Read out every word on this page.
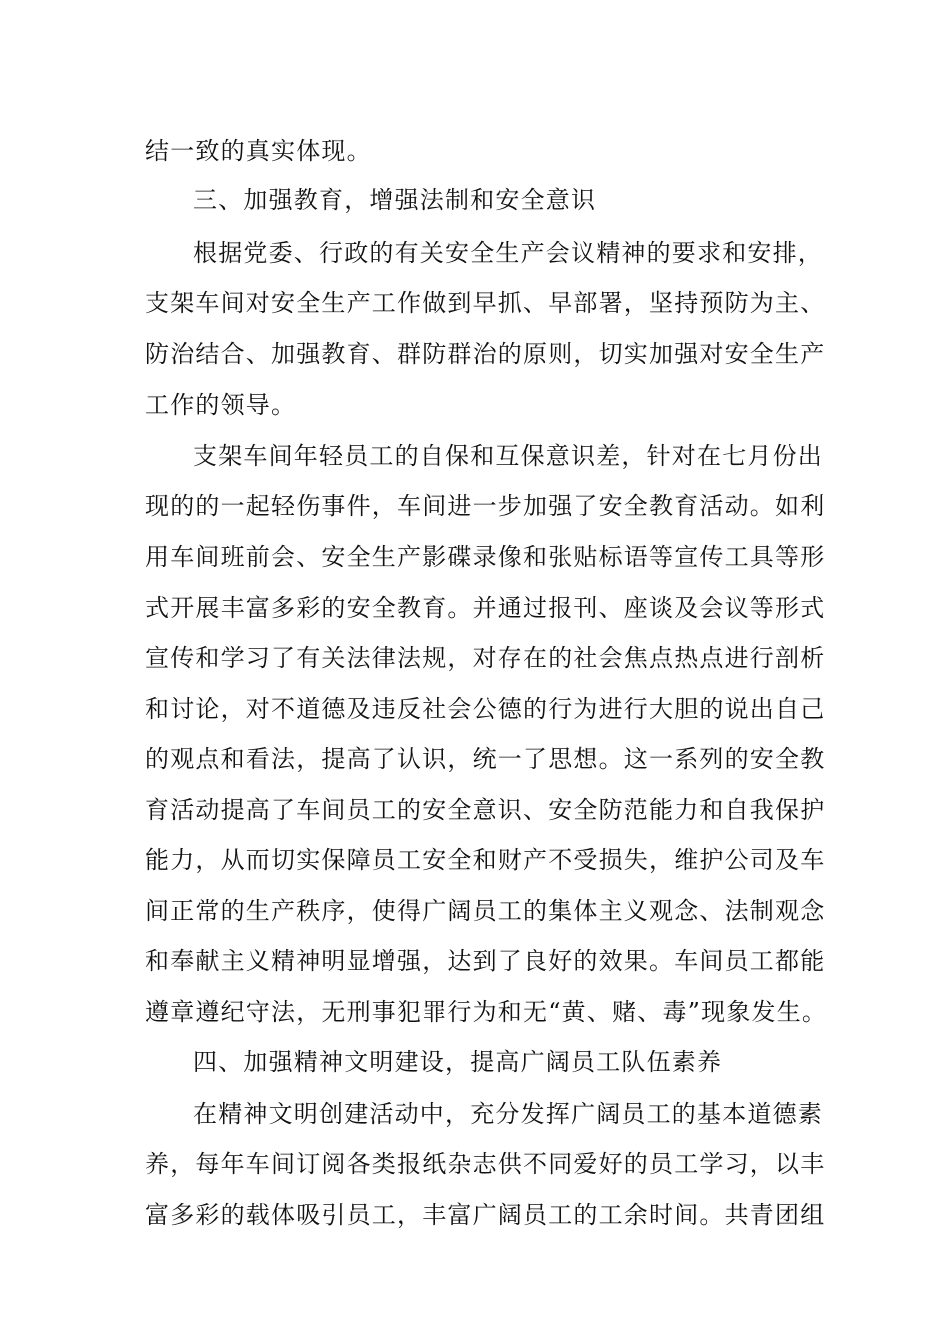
结一致的真实体现。
三、加强教育，增强法制和安全意识
根据党委、行政的有关安全生产会议精神的要求和安排，
支架车间对安全生产工作做到早抓、早部署，坚持预防为主、
防治结合、加强教育、群防群治的原则，切实加强对安全生产
工作的领导。
支架车间年轻员工的自保和互保意识差，针对在七月份出
现的的一起轻伤事件，车间进一步加强了安全教育活动。如利
用车间班前会、安全生产影碟录像和张贴标语等宣传工具等形
式开展丰富多彩的安全教育。并通过报刊、座谈及会议等形式
宣传和学习了有关法律法规，对存在的社会焦点热点进行剖析
和讨论，对不道德及违反社会公德的行为进行大胆的说出自己
的观点和看法，提高了认识，统一了思想。这一系列的安全教
育活动提高了车间员工的安全意识、安全防范能力和自我保护
能力，从而切实保障员工安全和财产不受损失，维护公司及车
间正常的生产秩序，使得广阔员工的集体主义观念、法制观念
和奉献主义精神明显增强，达到了良好的效果。车间员工都能
遵章遵纪守法，无刑事犯罪行为和无“黄、赌、毒”现象发生。
四、加强精神文明建设，提高广阔员工队伍素养
在精神文明创建活动中，充分发挥广阔员工的基本道德素
养，每年车间订阅各类报纸杂志供不同爱好的员工学习，以丰
富多彩的载体吸引员工，丰富广阔员工的工余时间。共青团组
